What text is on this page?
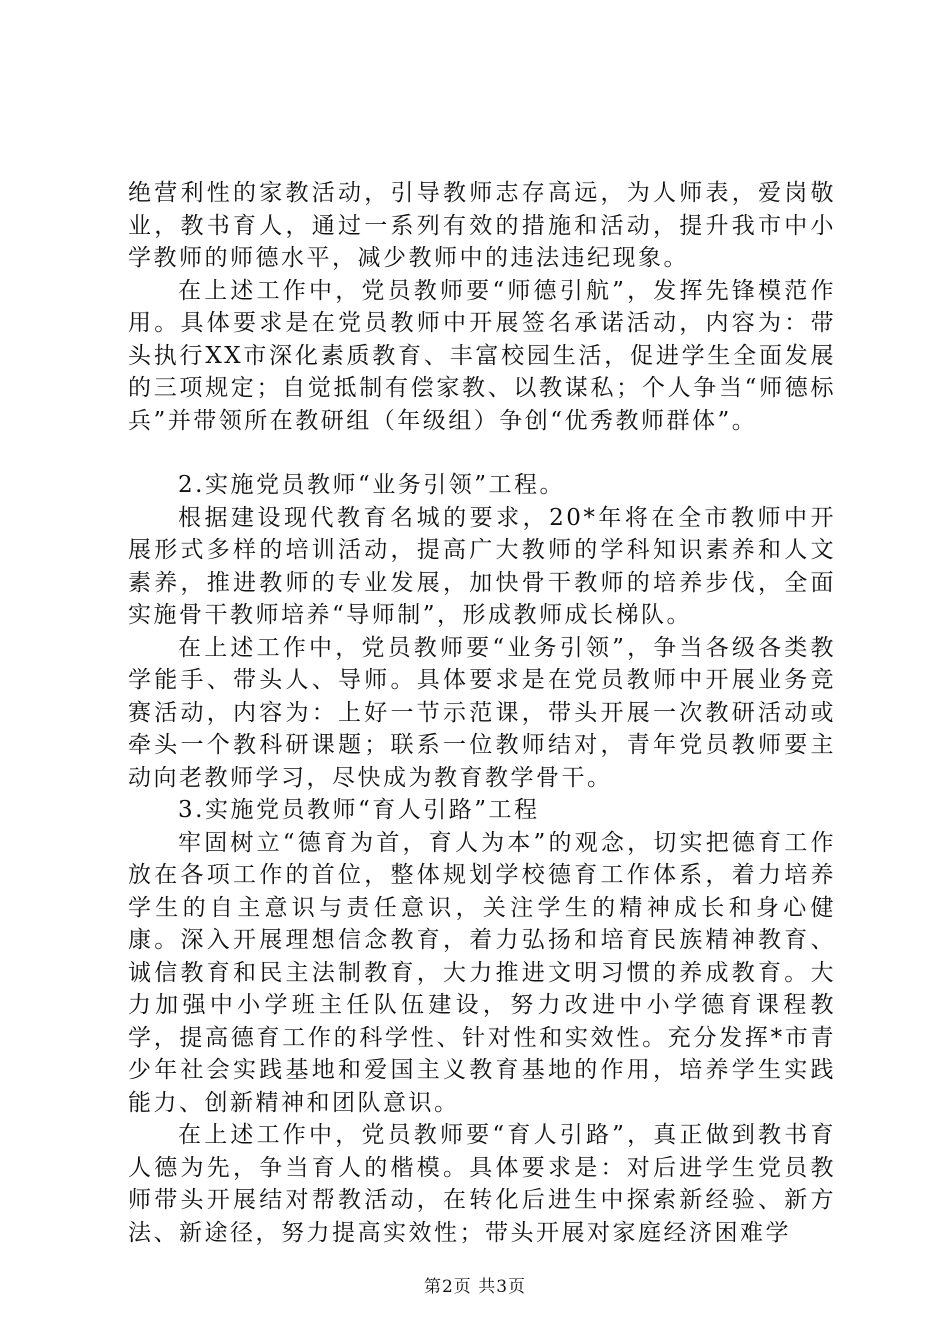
绝营利性的家教活动，引导教师志存高远，为人师表，爱岗敬业，教书育人，通过一系列有效的措施和活动，提升我市中小学教师的师德水平，减少教师中的违法违纪现象。

在上述工作中，党员教师要“师德引航”，发挥先锋模范作用。具体要求是在党员教师中开展签名承诺活动，内容为：带头执行XX市深化素质教育、丰富校园生活，促进学生全面发展的三项规定；自觉抵制有偿家教、以教谋私；个人争当“师德标兵”并带领所在教研组（年级组）争创“优秀教师群体”。

2.实施党员教师“业务引领”工程。

根据建设现代教育名城的要求，20*年将在全市教师中开展形式多样的培训活动，提高广大教师的学科知识素养和人文素养，推进教师的专业发展，加快骨干教师的培养步伐，全面实施骨干教师培养“导师制”，形成教师成长梯队。

在上述工作中，党员教师要“业务引领”，争当各级各类教学能手、带头人、导师。具体要求是在党员教师中开展业务竞赛活动，内容为：上好一节示范课，带头开展一次教研活动或牵头一个教科研课题；联系一位教师结对，青年党员教师要主动向老教师学习，尽快成为教育教学骨干。

3.实施党员教师“育人引路”工程

牢固树立“德育为首，育人为本”的观念，切实把德育工作放在各项工作的首位，整体规划学校德育工作体系，着力培养学生的自主意识与责任意识，关注学生的精神成长和身心健康。深入开展理想信念教育，着力弘扬和培育民族精神教育、诚信教育和民主法制教育，大力推进文明习惯的养成教育。大力加强中小学班主任队伍建设，努力改进中小学德育课程教学，提高德育工作的科学性、针对性和实效性。充分发挥*市青少年社会实践基地和爱国主义教育基地的作用，培养学生实践能力、创新精神和团队意识。

在上述工作中，党员教师要“育人引路”，真正做到教书育人德为先，争当育人的楷模。具体要求是：对后进学生党员教师带头开展结对帮教活动，在转化后进生中探索新经验、新方法、新途径，努力提高实效性；带头开展对家庭经济困难学

第2页 共3页
